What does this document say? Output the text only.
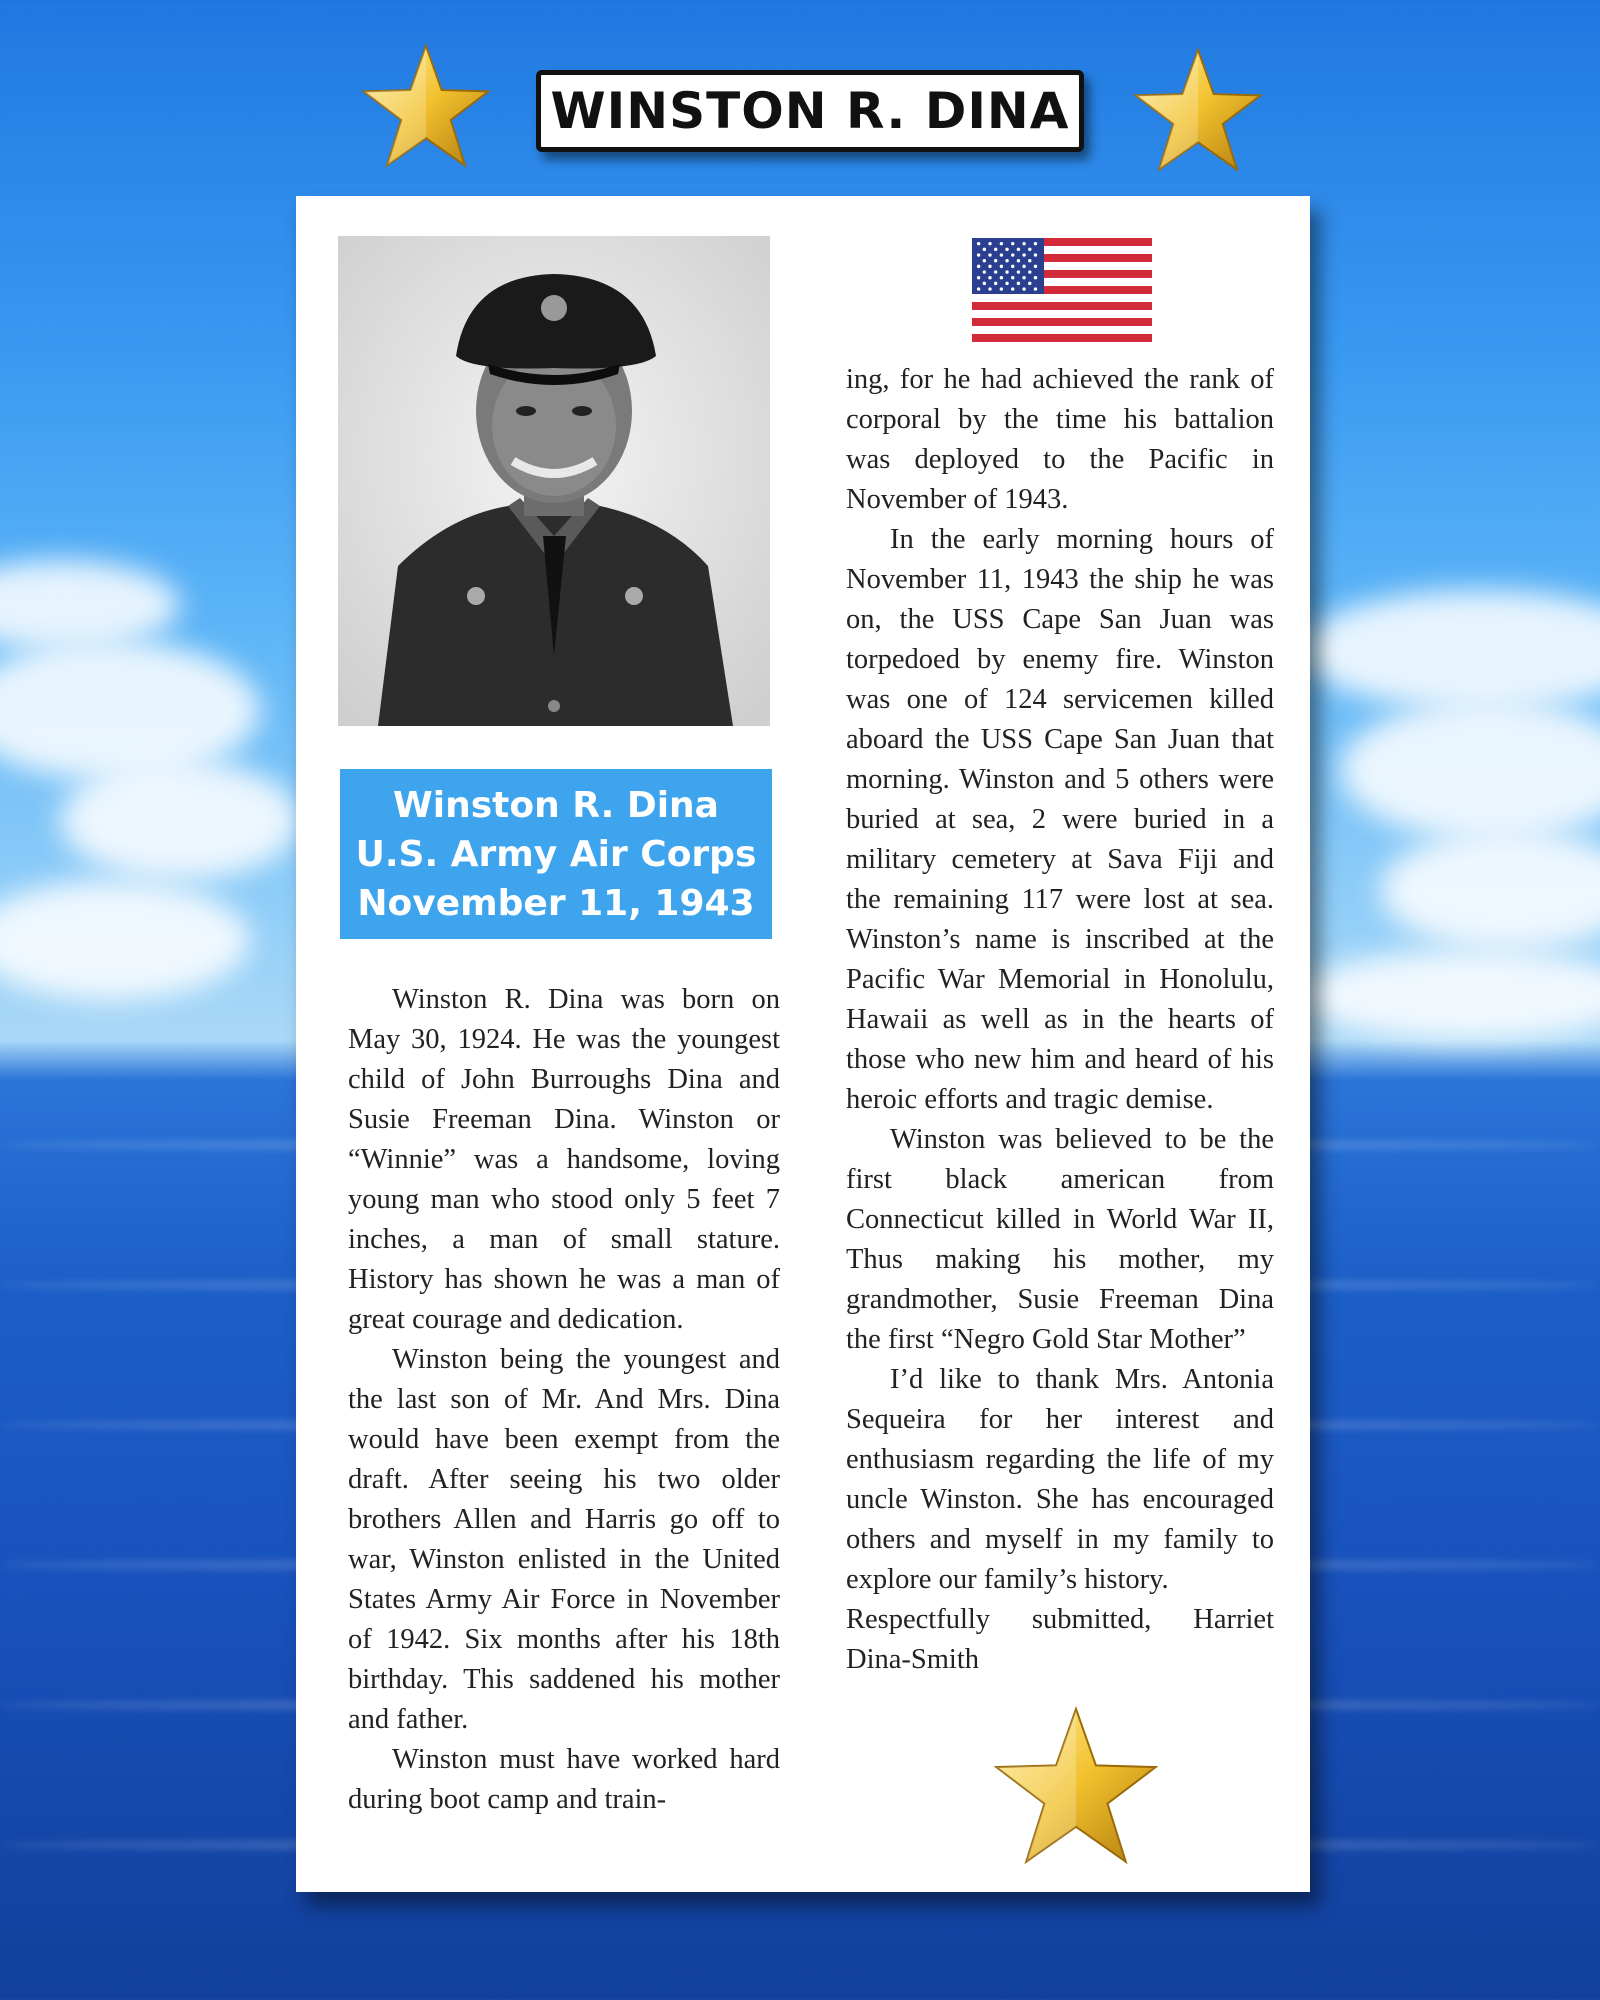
WINSTON R. DINA
Winston R. Dina
U.S. Army Air Corps
November 11, 1943

Winston R. Dina was born on May 30, 1924. He was the youngest child of John Burroughs Dina and Susie Freeman Dina. Winston or “Winnie” was a handsome, loving young man who stood only 5 feet 7 inches, a man of small stature. History has shown he was a man of great courage and dedication.

Winston being the youngest and the last son of Mr. And Mrs. Dina would have been exempt from the draft. After seeing his two older brothers Allen and Harris go off to war, Winston enlisted in the United States Army Air Force in November of 1942. Six months after his 18th birthday. This saddened his mother and father.

Winston must have worked hard during boot camp and train-

ing, for he had achieved the rank of corporal by the time his battalion was deployed to the Pacific in November of 1943.

In the early morning hours of November 11, 1943 the ship he was on, the USS Cape San Juan was torpedoed by enemy fire. Winston was one of 124 servicemen killed aboard the USS Cape San Juan that morning. Winston and 5 others were buried at sea, 2 were buried in a military cemetery at Sava Fiji and the remaining 117 were lost at sea. Winston’s name is inscribed at the Pacific War Memorial in Honolulu, Hawaii as well as in the hearts of those who new him and heard of his heroic efforts and tragic demise.

Winston was believed to be the first black american from Connecticut killed in World War II, Thus making his mother, my grandmother, Susie Freeman Dina the first “Negro Gold Star Mother”

I’d like to thank Mrs. Antonia Sequeira for her interest and enthusiasm regarding the life of my uncle Winston. She has encouraged others and myself in my family to explore our family’s history.

Respectfully submitted, Harriet Dina-Smith
